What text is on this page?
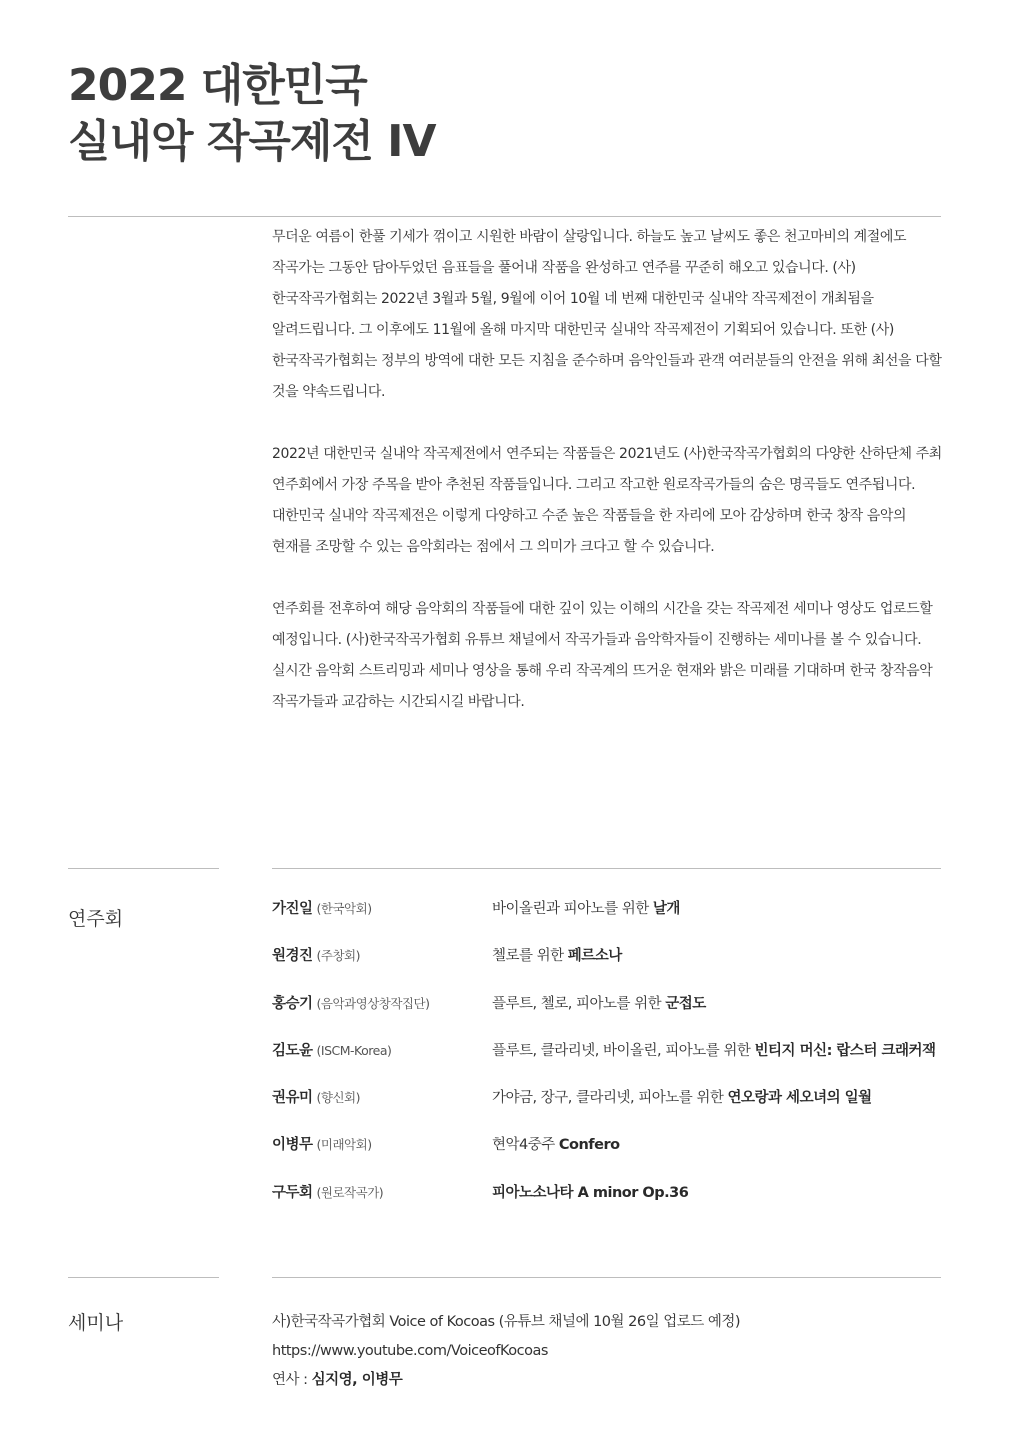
2022 대한민국
실내악 작곡제전 IV

무더운 여름이 한풀 기세가 꺾이고 시원한 바람이 살랑입니다. 하늘도 높고 날씨도 좋은 천고마비의 계절에도 작곡가는 그동안 담아두었던 음표들을 풀어내 작품을 완성하고 연주를 꾸준히 해오고 있습니다. (사)한국작곡가협회는 2022년 3월과 5월, 9월에 이어 10월 네 번째 대한민국 실내악 작곡제전이 개최됨을 알려드립니다. 그 이후에도 11월에 올해 마지막 대한민국 실내악 작곡제전이 기획되어 있습니다. 또한 (사)한국작곡가협회는 정부의 방역에 대한 모든 지침을 준수하며 음악인들과 관객 여러분들의 안전을 위해 최선을 다할 것을 약속드립니다.

2022년 대한민국 실내악 작곡제전에서 연주되는 작품들은 2021년도 (사)한국작곡가협회의 다양한 산하단체 주최 연주회에서 가장 주목을 받아 추천된 작품들입니다. 그리고 작고한 원로작곡가들의 숨은 명곡들도 연주됩니다. 대한민국 실내악 작곡제전은 이렇게 다양하고 수준 높은 작품들을 한 자리에 모아 감상하며 한국 창작 음악의 현재를 조망할 수 있는 음악회라는 점에서 그 의미가 크다고 할 수 있습니다.

연주회를 전후하여 해당 음악회의 작품들에 대한 깊이 있는 이해의 시간을 갖는 작곡제전 세미나 영상도 업로드할 예정입니다. (사)한국작곡가협회 유튜브 채널에서 작곡가들과 음악학자들이 진행하는 세미나를 볼 수 있습니다. 실시간 음악회 스트리밍과 세미나 영상을 통해 우리 작곡계의 뜨거운 현재와 밝은 미래를 기대하며 한국 창작음악 작곡가들과 교감하는 시간되시길 바랍니다.

연주회	가진일 (한국악회)	바이올린과 피아노를 위한 날개
원경진 (주창회)	첼로를 위한 페르소나
홍승기 (음악과영상창작집단)	플루트, 첼로, 피아노를 위한 군접도
김도윤 (ISCM-Korea)	플루트, 클라리넷, 바이올린, 피아노를 위한 빈티지 머신: 랍스터 크래커잭
권유미 (향신회)	가야금, 장구, 클라리넷, 피아노를 위한 연오랑과 세오녀의 일월
이병무 (미래악회)	현악4중주 Confero
구두회 (원로작곡가)	피아노소나타 A minor Op.36
세미나	사)한국작곡가협회 Voice of Kocoas (유튜브 채널에 10월 26일 업로드 예정)
https://www.youtube.com/VoiceofKocoas
연사 : 심지영, 이병무
